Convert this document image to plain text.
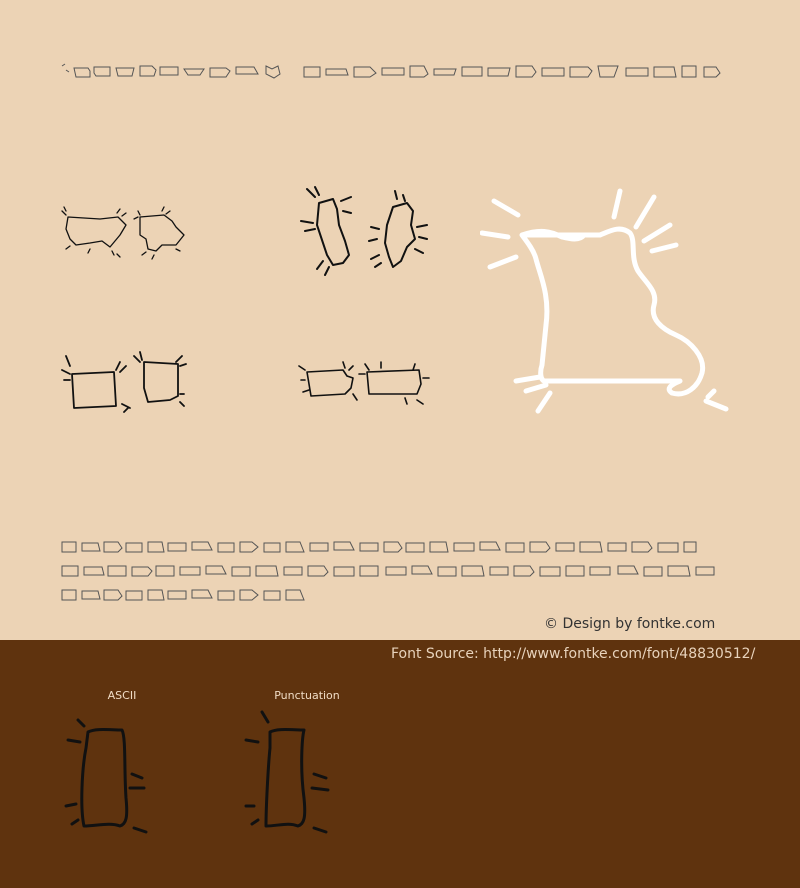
© Design by fontke.com
Font Source: http://www.fontke.com/font/48830512/
ASCII	Punctuation
